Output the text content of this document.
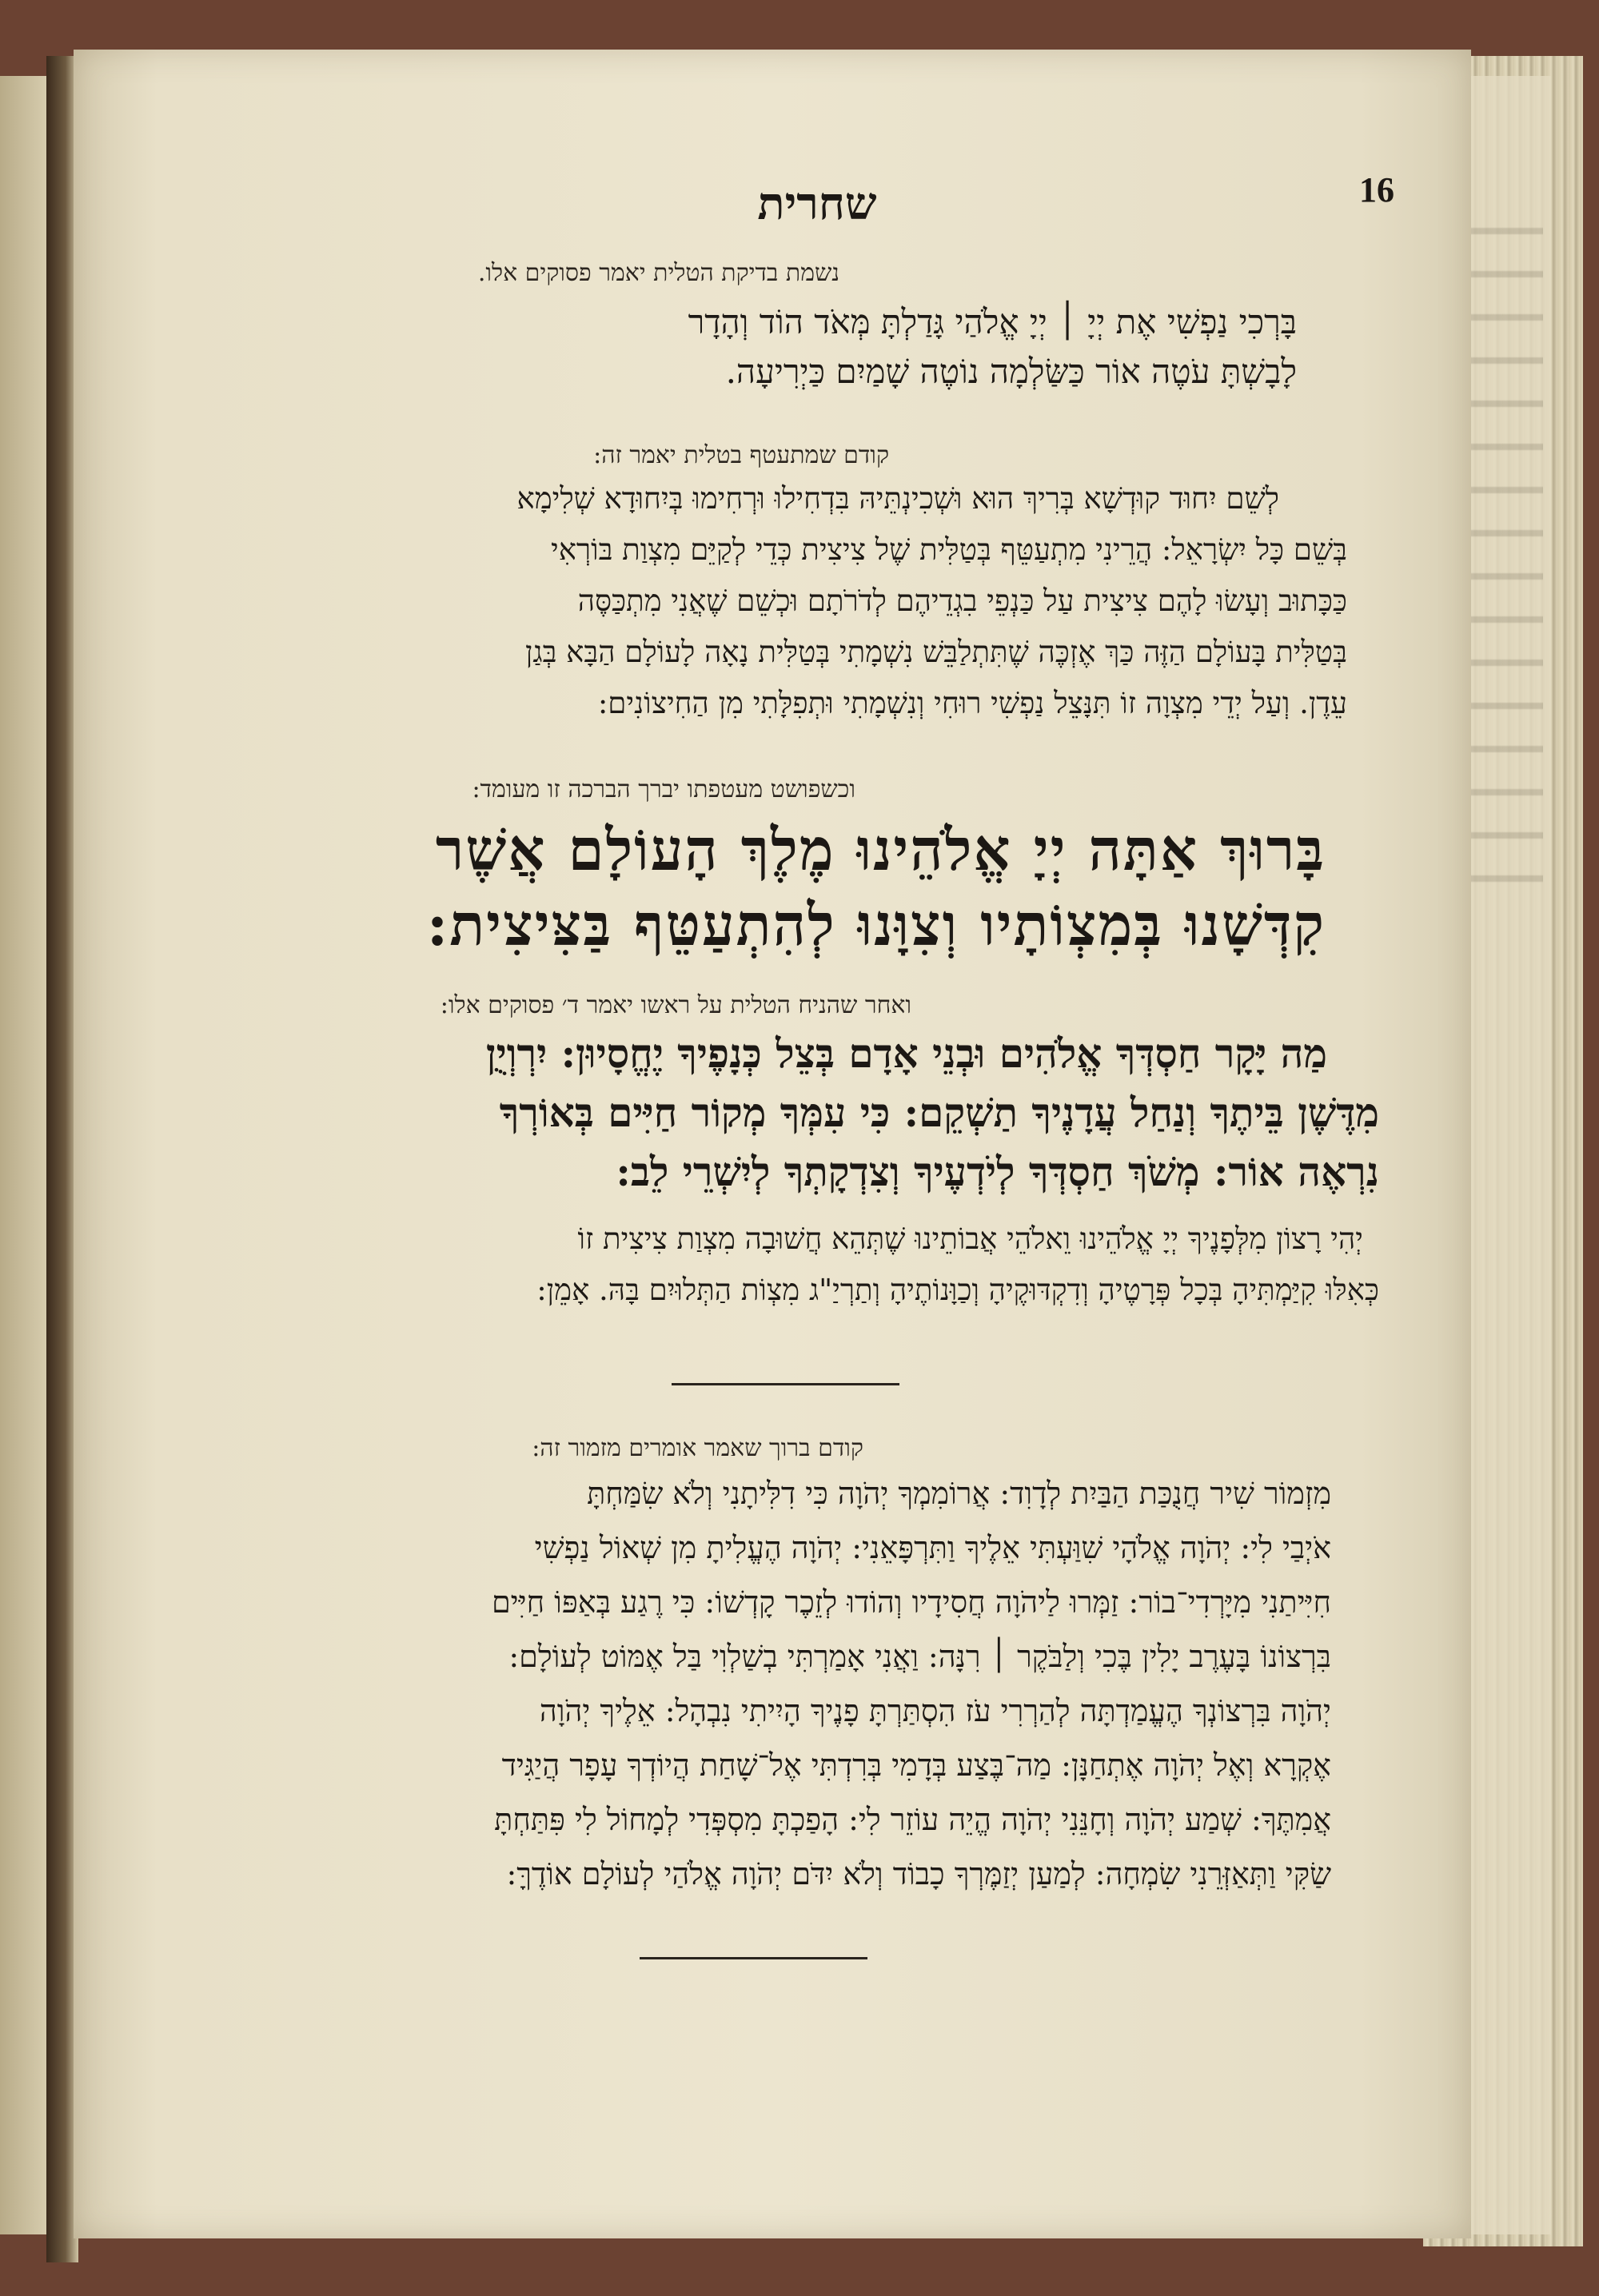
16
שחרית
נשמת בדיקת הטלית יאמר פסוקים אלו.
בָּרְכִי נַפְשִׁי אֶת יְיָ ׀ יְיָ אֱלֹהַי גָּדַלְתָּ מְּאֹד הוֹד וְהָדָר
לָבָשְׁתָּ עֹטֶה אוֹר כַּשַּׂלְמָה נוֹטֶה שָׁמַיִם כַּיְרִיעָה.
קודם שמתעטף בטלית יאמר זה:
לְשֵׁם יִחוּד קוּדְשָׁא בְּרִיךְ הוּא וּשְׁכִינְתֵּיהּ בִּדְחִילוּ וּרְחִימוּ בְּיִחוּדָא שְׁלִימָא
בְּשֵׁם כָּל יִשְׂרָאֵל: הֲרֵינִי מִתְעַטֵּף בְּטַלִּית שֶׁל צִיצִית כְּדֵי לְקַיֵּם מִצְוַת בּוֹרְאִי
כַּכָּתוּב וְעָשׂוּ לָהֶם צִיצִית עַל כַּנְפֵי בִגְדֵיהֶם לְדֹרֹתָם וּכְשֵׁם שֶׁאֲנִי מִתְכַּסֶּה
בְּטַלִּית בָּעוֹלָם הַזֶּה כַּךְ אֶזְכֶּה שֶׁתִּתְלַבֵּשׁ נִשְׁמָתִי בְּטַלִּית נָאָה לָעוֹלָם הַבָּא בְּגַן
עֵדֶן. וְעַל יְדֵי מִצְוָה זוֹ תִּנָּצֵל נַפְשִׁי רוּחִי וְנִשְׁמָתִי וּתְפִלָּתִי מִן הַחִיצוֹנִים:
וכשפושט מעטפתו יברך הברכה זו מעומד:
בָּרוּךְ אַתָּה יְיָ אֱלֹהֵינוּ מֶלֶךְ הָעוֹלָם אֲשֶׁר
קִדְּשָׁנוּ בְּמִצְוֹתָיו וְצִוָּנוּ לְהִתְעַטֵּף בַּצִּיצִית:
ואחר שהניח הטלית על ראשו יאמר ד׳ פסוקים אלו:
מַה יָּקָר חַסְדְּךָ אֱלֹהִים וּבְנֵי אָדָם בְּצֵל כְּנָפֶיךָ יֶחֱסָיוּן: יִרְוְיֻן
מִדֶּשֶׁן בֵּיתֶךָ וְנַחַל עֲדָנֶיךָ תַשְׁקֵם: כִּי עִמְּךָ מְקוֹר חַיִּים בְּאוֹרְךָ
נִרְאֶה אוֹר: מְשֹׁךְ חַסְדְּךָ לְיֹדְעֶיךָ וְצִדְקָתְךָ לְיִשְׁרֵי לֵב:
יְהִי רָצוֹן מִלְּפָנֶיךָ יְיָ אֱלֹהֵינוּ וֵאלֹהֵי אֲבוֹתֵינוּ שֶׁתְּהֵא חֲשׁוּבָה מִצְוַת צִיצִית זוֹ
כְּאִלּוּ קִיַּמְתִּיהָ בְּכָל פְּרָטֶיהָ וְדִקְדּוּקֶיהָ וְכַוָּנוֹתֶיהָ וְתַרְיַ"ג מִצְוֹת הַתְּלוּיִם בָּהּ. אָמֵן:
קודם ברוך שאמר אומרים מזמור זה:
מִזְמוֹר שִׁיר חֲנֻכַּת הַבַּיִת לְדָוִד: אֲרוֹמִמְךָ יְהֹוָה כִּי דִלִּיתָנִי וְלֹא שִׂמַּחְתָּ
אֹיְבַי לִי: יְהֹוָה אֱלֹהָי שִׁוַּעְתִּי אֵלֶיךָ וַתִּרְפָּאֵנִי: יְהֹוָה הֶעֱלִיתָ מִן שְׁאוֹל נַפְשִׁי
חִיִּיתַנִי מִיָּרְדִי־בוֹר: זַמְּרוּ לַיהֹוָה חֲסִידָיו וְהוֹדוּ לְזֵכֶר קָדְשׁוֹ: כִּי רֶגַע בְּאַפּוֹ חַיִּים
בִּרְצוֹנוֹ בָּעֶרֶב יָלִין בֶּכִי וְלַבֹּקֶר ׀ רִנָּה: וַאֲנִי אָמַרְתִּי בְשַׁלְוִי בַּל אֶמּוֹט לְעוֹלָם:
יְהֹוָה בִּרְצוֹנְךָ הֶעֱמַדְתָּה לְהַרְרִי עֹז הִסְתַּרְתָּ פָנֶיךָ הָיִיתִי נִבְהָל: אֵלֶיךָ יְהֹוָה
אֶקְרָא וְאֶל יְהֹוָה אֶתְחַנָּן: מַה־בֶּצַע בְּדָמִי בְּרִדְתִּי אֶל־שָׁחַת הֲיוֹדְךָ עָפָר הֲיַגִּיד
אֲמִתֶּךָ: שְׁמַע יְהֹוָה וְחָנֵּנִי יְהֹוָה הֱיֵה עוֹזֵר לִי: הָפַכְתָּ מִסְפְּדִי לְמָחוֹל לִי פִּתַּחְתָּ
שַׂקִּי וַתְּאַזְּרֵנִי שִׂמְחָה: לְמַעַן יְזַמֶּרְךָ כָבוֹד וְלֹא יִדֹּם יְהֹוָה אֱלֹהַי לְעוֹלָם אוֹדֶךָּ:
